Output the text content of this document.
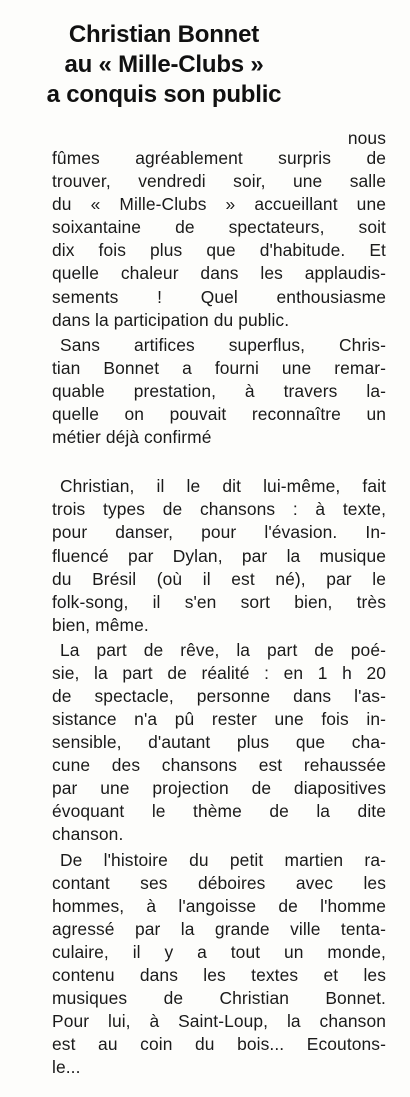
Christian Bonnet
au « Mille-Clubs »
a conquis son public
nous
fûmes agréablement surpris de
trouver, vendredi soir, une salle
du « Mille-Clubs » accueillant une
soixantaine de spectateurs, soit
dix fois plus que d'habitude. Et
quelle chaleur dans les applaudis-
sements ! Quel enthousiasme
dans la participation du public.
Sans artifices superflus, Chris-
tian Bonnet a fourni une remar-
quable prestation, à travers la-
quelle on pouvait reconnaître un
métier déjà confirmé
Christian, il le dit lui-même, fait
trois types de chansons : à texte,
pour danser, pour l'évasion. In-
fluencé par Dylan, par la musique
du Brésil (où il est né), par le
folk-song, il s'en sort bien, très
bien, même.
La part de rêve, la part de poé-
sie, la part de réalité : en 1 h 20
de spectacle, personne dans l'as-
sistance n'a pû rester une fois in-
sensible, d'autant plus que cha-
cune des chansons est rehaussée
par une projection de diapositives
évoquant le thème de la dite
chanson.
De l'histoire du petit martien ra-
contant ses déboires avec les
hommes, à l'angoisse de l'homme
agressé par la grande ville tenta-
culaire, il y a tout un monde,
contenu dans les textes et les
musiques de Christian Bonnet.
Pour lui, à Saint-Loup, la chanson
est au coin du bois... Ecoutons-
le...
